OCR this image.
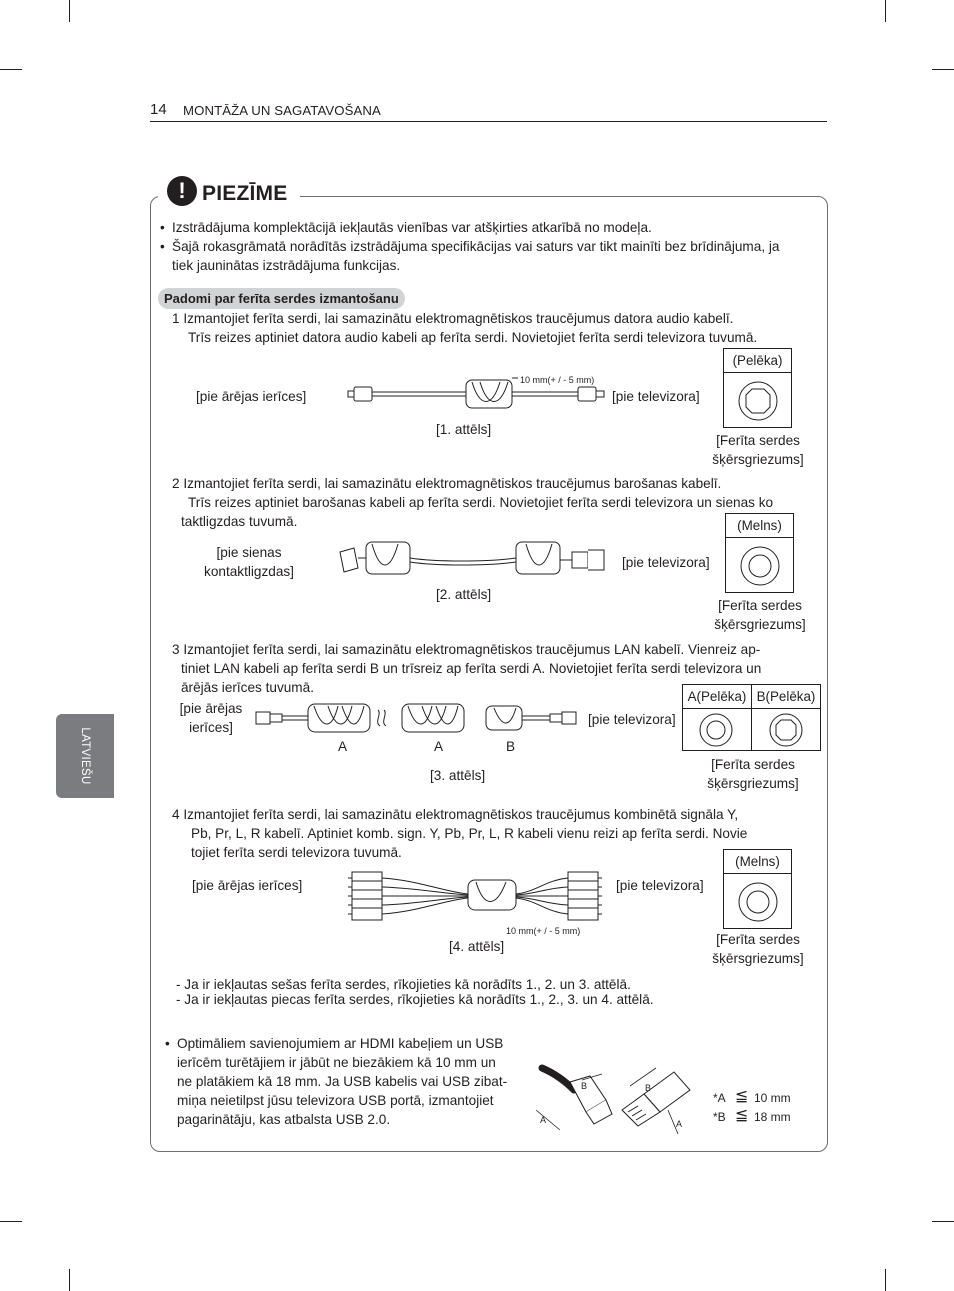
14 MONTĀŽA UN SAGATAVOŠANA
LATVIEŠU
! PIEZĪME
• Izstrādājuma komplektācijā iekļautās vienības var atšķirties atkarībā no modeļa.
• Šajā rokasgrāmatā norādītās izstrādājuma specifikācijas vai saturs var tikt mainīti bez brīdinājuma, ja
tiek jauninātas izstrādājuma funkcijas.
Padomi par ferīta serdes izmantošanu
1 Izmantojiet ferīta serdi, lai samazinātu elektromagnētiskos traucējumus datora audio kabelī.
Trīs reizes aptiniet datora audio kabeli ap ferīta serdi. Novietojiet ferīta serdi televizora tuvumā.
[pie ārējas ierīces]	[pie televizora]
10 mm(+ / - 5 mm)
[1. attēls]
(Pelēka)
[Ferīta serdes
šķērsgriezums]
2 Izmantojiet ferīta serdi, lai samazinātu elektromagnētiskos traucējumus barošanas kabelī.
Trīs reizes aptiniet barošanas kabeli ap ferīta serdi. Novietojiet ferīta serdi televizora un sienas ko
taktligzdas tuvumā.
[pie sienas
kontaktligzdas]
[pie televizora]
[2. attēls]
(Melns)
[Ferīta serdes
šķērsgriezums]
3 Izmantojiet ferīta serdi, lai samazinātu elektromagnētiskos traucējumus LAN kabelī. Vienreiz ap-
tiniet LAN kabeli ap ferīta serdi B un trīsreiz ap ferīta serdi A. Novietojiet ferīta serdi televizora un
ārējās ierīces tuvumā.
[pie ārējas
ierīces]
[pie televizora]
A	A	B
[3. attēls]
A(Pelēka) B(Pelēka)
[Ferīta serdes
šķērsgriezums]
4 Izmantojiet ferīta serdi, lai samazinātu elektromagnētiskos traucējumus kombinētā signāla Y,
Pb, Pr, L, R kabelī. Aptiniet komb. sign. Y, Pb, Pr, L, R kabeli vienu reizi ap ferīta serdi. Novie
tojiet ferīta serdi televizora tuvumā.
[pie ārējas ierīces]	[pie televizora]
10 mm(+ / - 5 mm)
[4. attēls]
(Melns)
[Ferīta serdes
šķērsgriezums]
- Ja ir iekļautas sešas ferīta serdes, rīkojieties kā norādīts 1., 2. un 3. attēlā.
- Ja ir iekļautas piecas ferīta serdes, rīkojieties kā norādīts 1., 2., 3. un 4. attēlā.
• Optimāliem savienojumiem ar HDMI kabeļiem un USB
ierīcēm turētājiem ir jābūt ne biezākiem kā 10 mm un
ne platākiem kā 18 mm. Ja USB kabelis vai USB zibat-
miņa neietilpst jūsu televizora USB portā, izmantojiet
pagarinātāju, kas atbalsta USB 2.0.	A
B	B
A
*A ≦ 10 mm
*B ≦ 18 mm
